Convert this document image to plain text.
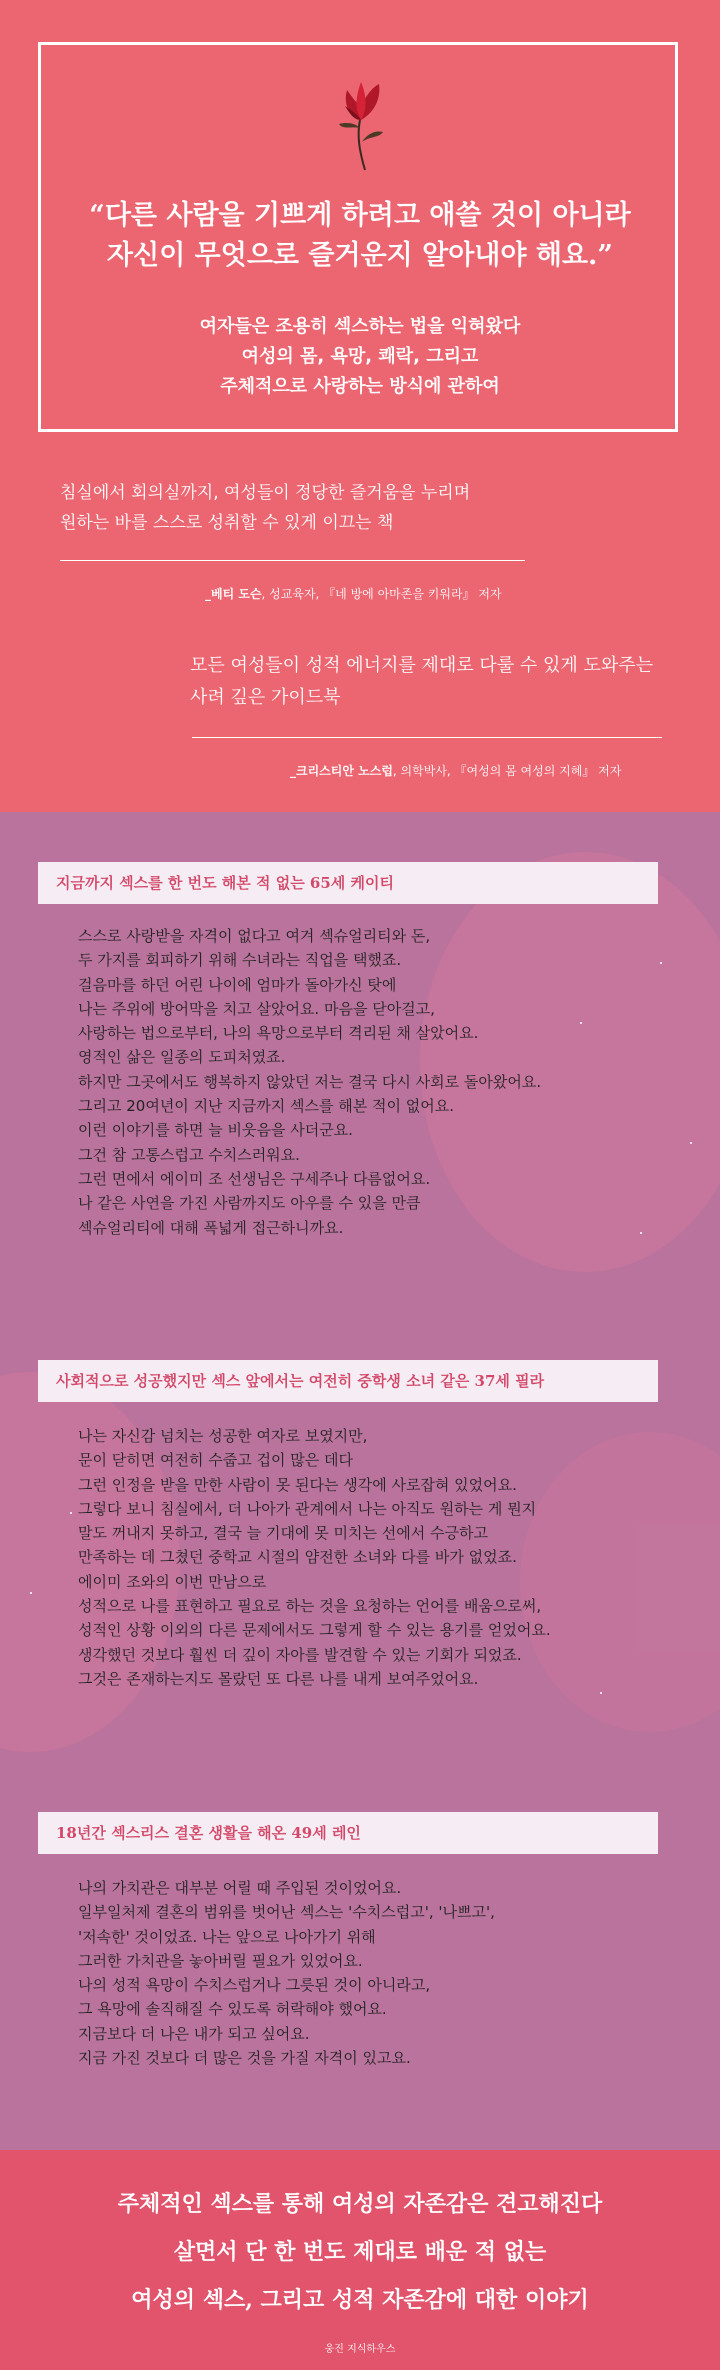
“다른 사람을 기쁘게 하려고 애쓸 것이 아니라
자신이 무엇으로 즐거운지 알아내야 해요.”
여자들은 조용히 섹스하는 법을 익혀왔다
여성의 몸, 욕망, 쾌락, 그리고
주체적으로 사랑하는 방식에 관하여
침실에서 회의실까지, 여성들이 정당한 즐거움을 누리며
원하는 바를 스스로 성취할 수 있게 이끄는 책
_베티 도슨, 성교육자, 『네 방에 아마존을 키워라』 저자
모든 여성들이 성적 에너지를 제대로 다룰 수 있게 도와주는
사려 깊은 가이드북
_크리스티안 노스럽, 의학박사, 『여성의 몸 여성의 지혜』 저자
지금까지 섹스를 한 번도 해본 적 없는 65세 케이티
스스로 사랑받을 자격이 없다고 여겨 섹슈얼리티와 돈,
두 가지를 회피하기 위해 수녀라는 직업을 택했죠.
걸음마를 하던 어린 나이에 엄마가 돌아가신 탓에
나는 주위에 방어막을 치고 살았어요. 마음을 닫아걸고,
사랑하는 법으로부터, 나의 욕망으로부터 격리된 채 살았어요.
영적인 삶은 일종의 도피처였죠.
하지만 그곳에서도 행복하지 않았던 저는 결국 다시 사회로 돌아왔어요.
그리고 20여년이 지난 지금까지 섹스를 해본 적이 없어요.
이런 이야기를 하면 늘 비웃음을 사더군요.
그건 참 고통스럽고 수치스러워요.
그런 면에서 에이미 조 선생님은 구세주나 다름없어요.
나 같은 사연을 가진 사람까지도 아우를 수 있을 만큼
섹슈얼리티에 대해 폭넓게 접근하니까요.
사회적으로 성공했지만 섹스 앞에서는 여전히 중학생 소녀 같은 37세 필라
나는 자신감 넘치는 성공한 여자로 보였지만,
문이 닫히면 여전히 수줍고 겁이 많은 데다
그런 인정을 받을 만한 사람이 못 된다는 생각에 사로잡혀 있었어요.
그렇다 보니 침실에서, 더 나아가 관계에서 나는 아직도 원하는 게 뭔지
말도 꺼내지 못하고, 결국 늘 기대에 못 미치는 선에서 수긍하고
만족하는 데 그쳤던 중학교 시절의 얌전한 소녀와 다를 바가 없었죠.
에이미 조와의 이번 만남으로
성적으로 나를 표현하고 필요로 하는 것을 요청하는 언어를 배움으로써,
성적인 상황 이외의 다른 문제에서도 그렇게 할 수 있는 용기를 얻었어요.
생각했던 것보다 훨씬 더 깊이 자아를 발견할 수 있는 기회가 되었죠.
그것은 존재하는지도 몰랐던 또 다른 나를 내게 보여주었어요.
18년간 섹스리스 결혼 생활을 해온 49세 레인
나의 가치관은 대부분 어릴 때 주입된 것이었어요.
일부일처제 결혼의 범위를 벗어난 섹스는 '수치스럽고', '나쁘고',
'저속한' 것이었죠. 나는 앞으로 나아가기 위해
그러한 가치관을 놓아버릴 필요가 있었어요.
나의 성적 욕망이 수치스럽거나 그릇된 것이 아니라고,
그 욕망에 솔직해질 수 있도록 허락해야 했어요.
지금보다 더 나은 내가 되고 싶어요.
지금 가진 것보다 더 많은 것을 가질 자격이 있고요.
주체적인 섹스를 통해 여성의 자존감은 견고해진다
살면서 단 한 번도 제대로 배운 적 없는
여성의 섹스, 그리고 성적 자존감에 대한 이야기
웅진 지식하우스
